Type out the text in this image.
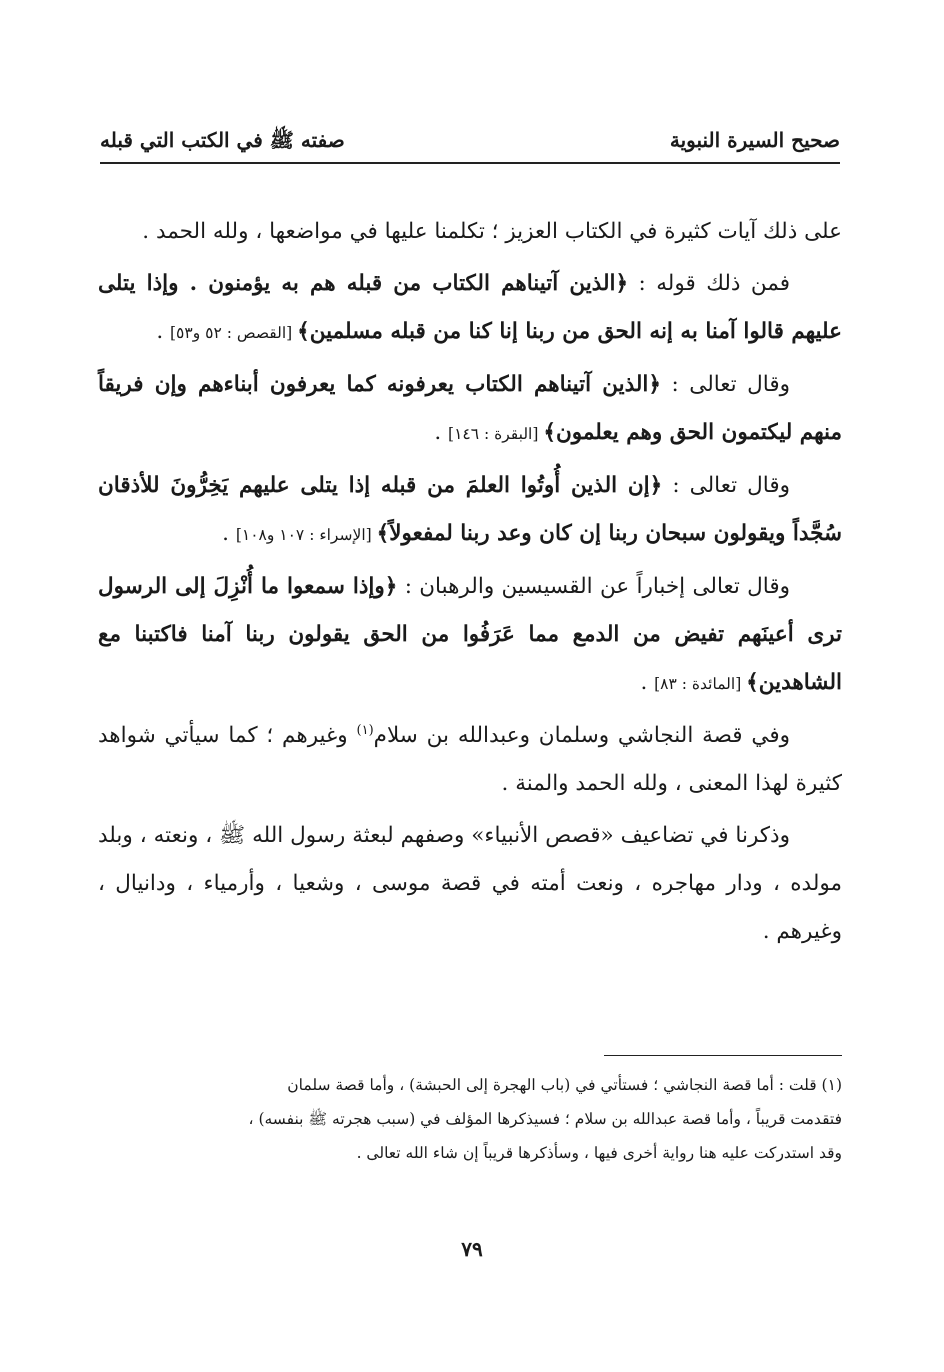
صحيح السيرة النبوية
صفته ﷺ في الكتب التي قبله

على ذلك آيات كثيرة في الكتاب العزيز ؛ تكلمنا عليها في مواضعها ، ولله الحمد .

فمن ذلك قوله : ﴿الذين آتيناهم الكتاب من قبله هم به يؤمنون . وإذا يتلى عليهم قالوا آمنا به إنه الحق من ربنا إنا كنا من قبله مسلمين﴾ [القصص : ٥٢ و٥٣] .

وقال تعالى : ﴿الذين آتيناهم الكتاب يعرفونه كما يعرفون أبناءهم وإن فريقاً منهم ليكتمون الحق وهم يعلمون﴾ [البقرة : ١٤٦] .

وقال تعالى : ﴿إن الذين أُوتُوا العلمَ من قبله إذا يتلى عليهم يَخِرُّونَ للأذقان سُجَّداً ويقولون سبحان ربنا إن كان وعد ربنا لمفعولاً﴾ [الإسراء : ١٠٧ و١٠٨] .

وقال تعالى إخباراً عن القسيسين والرهبان : ﴿وإذا سمعوا ما أُنْزِلَ إلى الرسول ترى أعينَهم تفيض من الدمع مما عَرَفُوا من الحق يقولون ربنا آمنا فاكتبنا مع الشاهدين﴾ [المائدة : ٨٣] .

وفي قصة النجاشي وسلمان وعبدالله بن سلام$^{(١)}$ وغيرهم ؛ كما سيأتي شواهد كثيرة لهذا المعنى ، ولله الحمد والمنة .

وذكرنا في تضاعيف «قصص الأنبياء» وصفهم لبعثة رسول الله ﷺ ، ونعته ، وبلد مولده ، ودار مهاجره ، ونعت أمته في قصة موسى ، وشعيا ، وأرمياء ، ودانيال ، وغيرهم .

(١) قلت : أما قصة النجاشي ؛ فستأتي في (باب الهجرة إلى الحبشة) ، وأما قصة سلمان

فتقدمت قريباً ، وأما قصة عبدالله بن سلام ؛ فسيذكرها المؤلف في (سبب هجرته ﷺ بنفسه) ،

وقد استدركت عليه هنا رواية أخرى فيها ، وسأذكرها قريباً إن شاء الله تعالى .

٧٩
